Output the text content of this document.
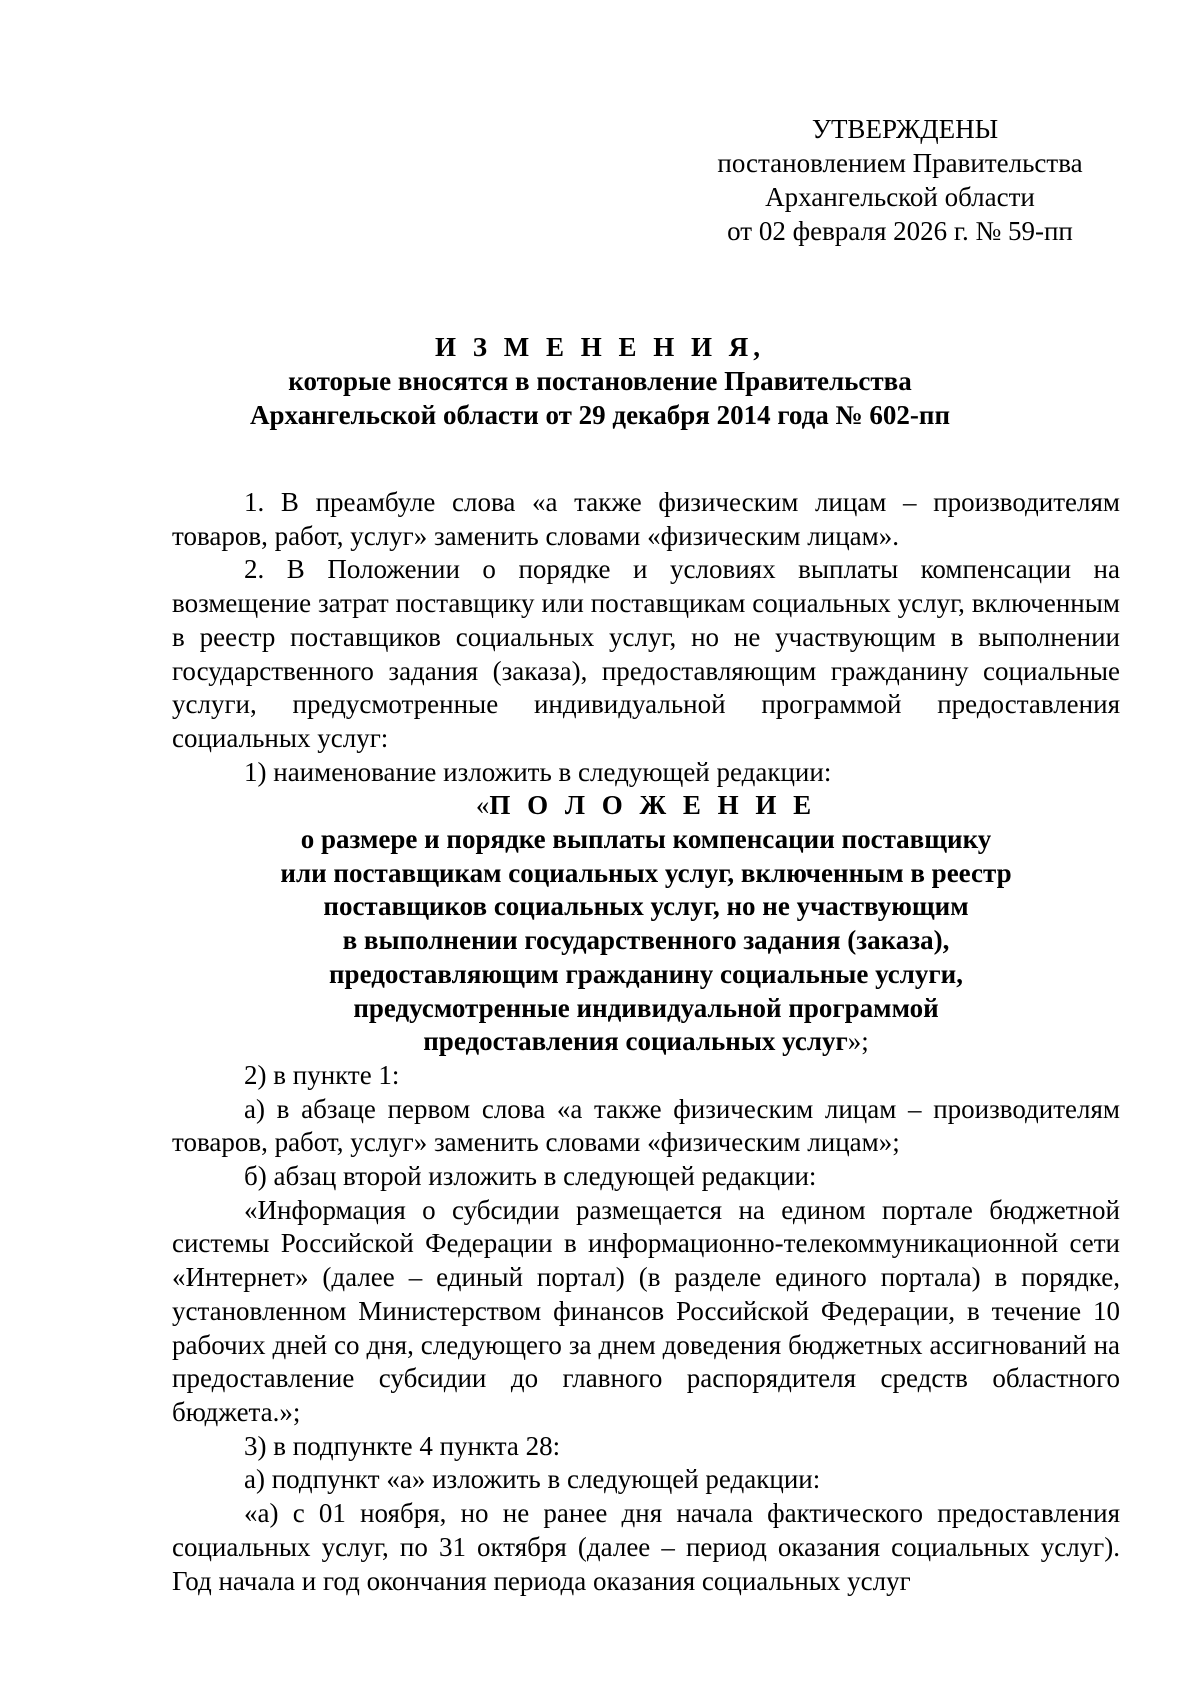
УТВЕРЖДЕНЫ
постановлением Правительства
Архангельской области
от 02 февраля 2026 г. № 59-пп
И З М Е Н Е Н И Я,
которые вносятся в постановление Правительства
Архангельской области от 29 декабря 2014 года № 602-пп

1. В преамбуле слова «а также физическим лицам – производителям товаров, работ, услуг» заменить словами «физическим лицам».

2. В Положении о порядке и условиях выплаты компенсации на возмещение затрат поставщику или поставщикам социальных услуг, включенным в реестр поставщиков социальных услуг, но не участвующим в выполнении государственного задания (заказа), предоставляющим гражданину социальные услуги, предусмотренные индивидуальной программой предоставления социальных услуг:

1) наименование изложить в следующей редакции:

«П О Л О Ж Е Н И Е
о размере и порядке выплаты компенсации поставщику
или поставщикам социальных услуг, включенным в реестр
поставщиков социальных услуг, но не участвующим
в выполнении государственного задания (заказа),
предоставляющим гражданину социальные услуги,
предусмотренные индивидуальной программой
предоставления социальных услуг»;

2) в пункте 1:

а) в абзаце первом слова «а также физическим лицам – производителям товаров, работ, услуг» заменить словами «физическим лицам»;

б) абзац второй изложить в следующей редакции:

«Информация о субсидии размещается на едином портале бюджетной системы Российской Федерации в информационно-телекоммуникационной сети «Интернет» (далее – единый портал) (в разделе единого портала) в порядке, установленном Министерством финансов Российской Федерации, в течение 10 рабочих дней со дня, следующего за днем доведения бюджетных ассигнований на предоставление субсидии до главного распорядителя средств областного бюджета.»;

3) в подпункте 4 пункта 28:

а) подпункт «а» изложить в следующей редакции:

«а) с 01 ноября, но не ранее дня начала фактического предоставления социальных услуг, по 31 октября (далее – период оказания социальных услуг). Год начала и год окончания периода оказания социальных услуг
